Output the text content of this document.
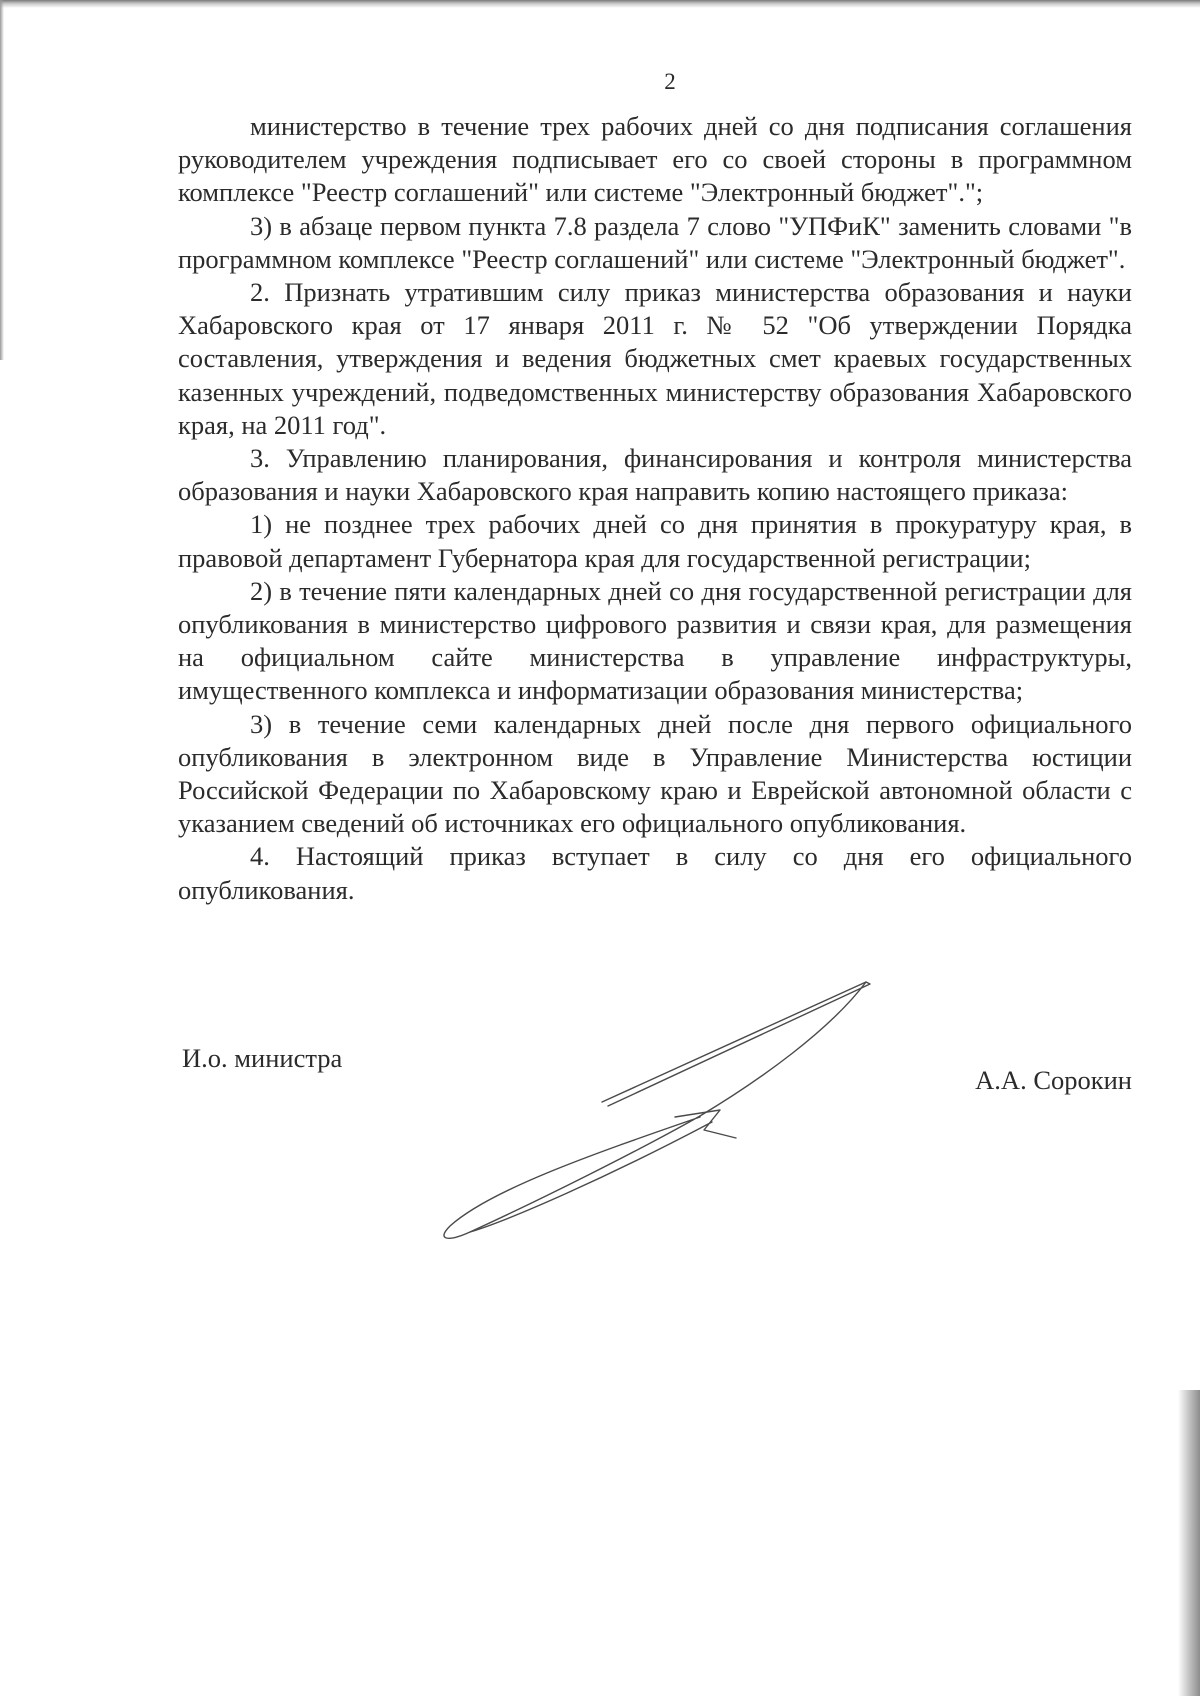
2

министерство в течение трех рабочих дней со дня подписания соглашения руководителем учреждения подписывает его со своей стороны в программном комплексе "Реестр соглашений" или системе "Электронный бюджет".";

3) в абзаце первом пункта 7.8 раздела 7 слово "УПФиК" заменить словами "в программном комплексе "Реестр соглашений" или системе "Электронный бюджет".

2. Признать утратившим силу приказ министерства образования и науки Хабаровского края от 17 января 2011 г. № 52 "Об утверждении Порядка составления, утверждения и ведения бюджетных смет краевых государственных казенных учреждений, подведомственных министерству образования Хабаровского края, на 2011 год".

3. Управлению планирования, финансирования и контроля министерства образования и науки Хабаровского края направить копию настоящего приказа:

1) не позднее трех рабочих дней со дня принятия в прокуратуру края, в правовой департамент Губернатора края для государственной регистрации;

2) в течение пяти календарных дней со дня государственной регистрации для опубликования в министерство цифрового развития и связи края, для размещения на официальном сайте министерства в управление инфраструктуры, имущественного комплекса и информатизации образования министерства;

3) в течение семи календарных дней после дня первого официального опубликования в электронном виде в Управление Министерства юстиции Российской Федерации по Хабаровскому краю и Еврейской автономной области с указанием сведений об источниках его официального опубликования.

4. Настоящий приказ вступает в силу со дня его официального опубликования.

И.о. министра
А.А. Сорокин
